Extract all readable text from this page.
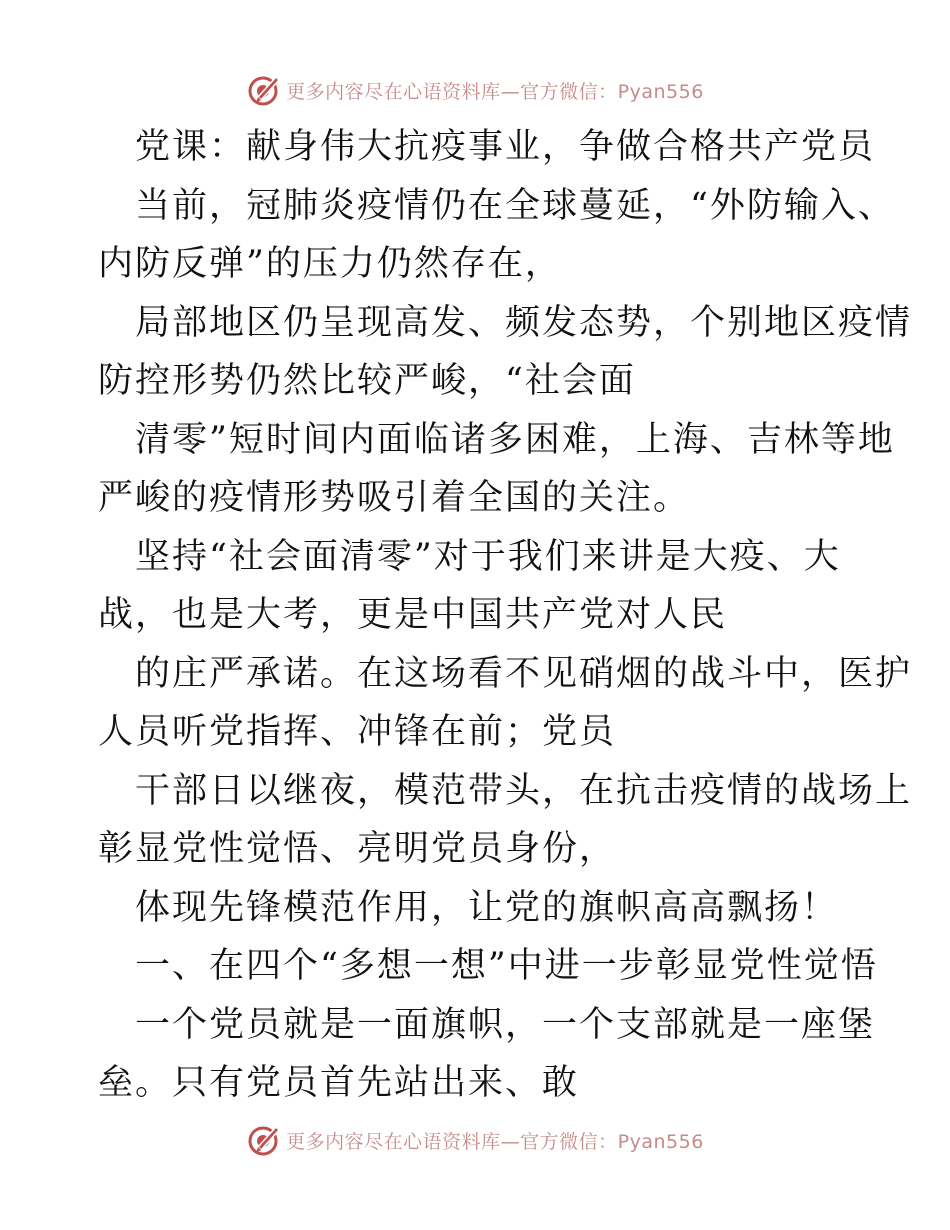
更多内容尽在心语资料库—官方微信：Pyan556
党课：献身伟大抗疫事业，争做合格共产党员
当前，冠肺炎疫情仍在全球蔓延，“外防输入、
内防反弹”的压力仍然存在，
局部地区仍呈现高发、频发态势，个别地区疫情
防控形势仍然比较严峻，“社会面
清零”短时间内面临诸多困难，上海、吉林等地
严峻的疫情形势吸引着全国的关注。
坚持“社会面清零”对于我们来讲是大疫、大
战，也是大考，更是中国共产党对人民
的庄严承诺。在这场看不见硝烟的战斗中，医护
人员听党指挥、冲锋在前；党员
干部日以继夜，模范带头，在抗击疫情的战场上
彰显党性觉悟、亮明党员身份，
体现先锋模范作用，让党的旗帜高高飘扬！
一、在四个“多想一想”中进一步彰显党性觉悟
一个党员就是一面旗帜，一个支部就是一座堡
垒。只有党员首先站出来、敢
更多内容尽在心语资料库—官方微信：Pyan556
